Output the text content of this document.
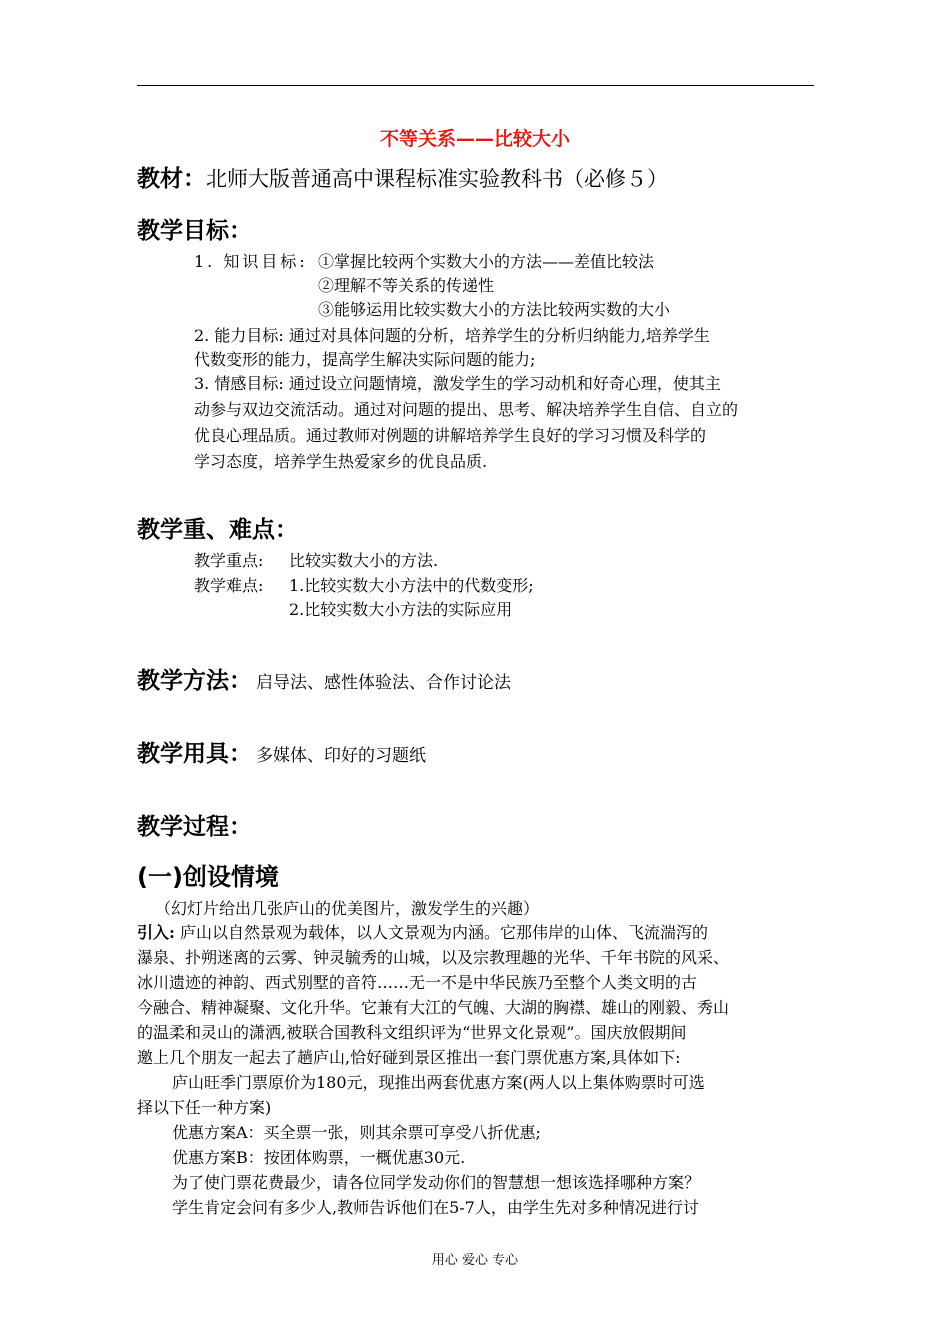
不等关系——比较大小
教材：北师大版普通高中课程标准实验教科书（必修５）
教学目标：
1. 知识目标: ①掌握比较两个实数大小的方法——差值比较法
②理解不等关系的传递性
③能够运用比较实数大小的方法比较两实数的大小
2. 能力目标: 通过对具体问题的分析，培养学生的分析归纳能力,培养学生
代数变形的能力，提高学生解决实际问题的能力;
3. 情感目标: 通过设立问题情境，激发学生的学习动机和好奇心理，使其主
动参与双边交流活动。通过对问题的提出、思考、解决培养学生自信、自立的
优良心理品质。通过教师对例题的讲解培养学生良好的学习习惯及科学的
学习态度，培养学生热爱家乡的优良品质.
教学重、难点：
教学重点: 比较实数大小的方法.
教学难点: 1.比较实数大小方法中的代数变形;
2.比较实数大小方法的实际应用
教学方法： 启导法、感性体验法、合作讨论法
教学用具： 多媒体、印好的习题纸
教学过程：
(一)创设情境
（幻灯片给出几张庐山的优美图片，激发学生的兴趣）
引入: 庐山以自然景观为载体，以人文景观为内涵。它那伟岸的山体、飞流湍泻的
瀑泉、扑朔迷离的云雾、钟灵毓秀的山城，以及宗教理趣的光华、千年书院的风采、
冰川遗迹的神韵、西式别墅的音符……无一不是中华民族乃至整个人类文明的古
今融合、精神凝聚、文化升华。它兼有大江的气魄、大湖的胸襟、雄山的刚毅、秀山
的温柔和灵山的潇洒,被联合国教科文组织评为“世界文化景观”。国庆放假期间
邀上几个朋友一起去了趟庐山,恰好碰到景区推出一套门票优惠方案,具体如下:
庐山旺季门票原价为180元，现推出两套优惠方案(两人以上集体购票时可选
择以下任一种方案)
优惠方案A：买全票一张，则其余票可享受八折优惠;
优惠方案B：按团体购票，一概优惠30元.
为了使门票花费最少，请各位同学发动你们的智慧想一想该选择哪种方案？
学生肯定会问有多少人,教师告诉他们在5-7人，由学生先对多种情况进行讨
用心 爱心 专心
